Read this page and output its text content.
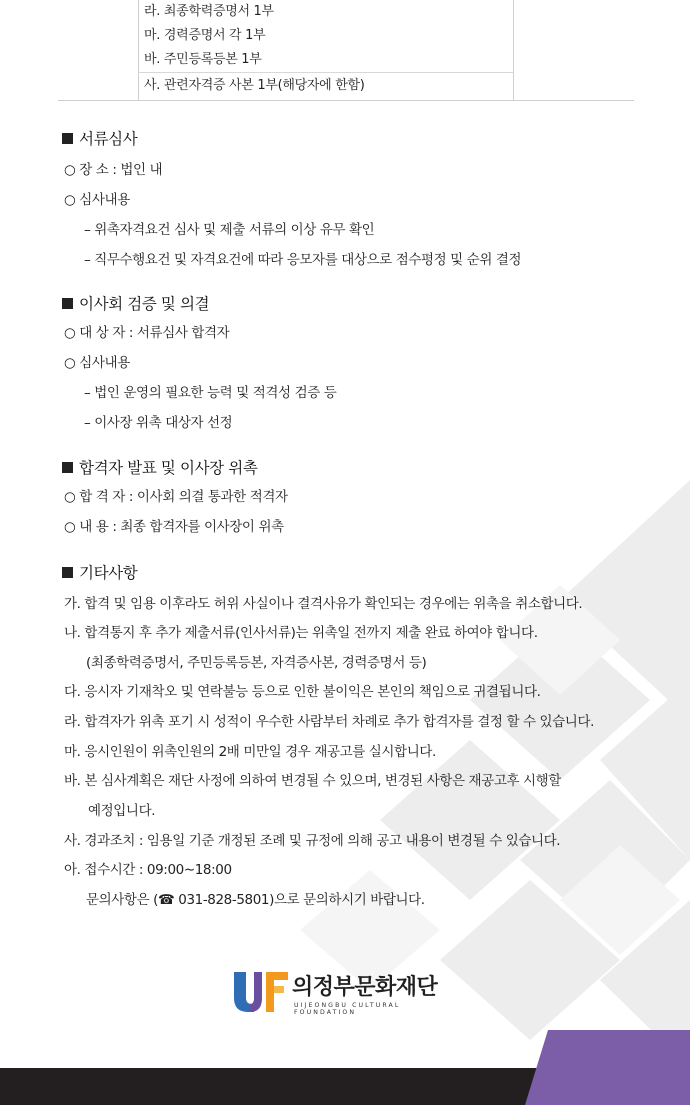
라. 최종학력증명서 1부
마. 경력증명서 각 1부
바. 주민등록등본 1부
사. 관련자격증 사본 1부(해당자에 한함)
서류심사
○ 장 소 : 법인 내
○ 심사내용
– 위촉자격요건 심사 및 제출 서류의 이상 유무 확인
– 직무수행요건 및 자격요건에 따라 응모자를 대상으로 점수평정 및 순위 결정
이사회 검증 및 의결
○ 대 상 자 : 서류심사 합격자
○ 심사내용
– 법인 운영의 필요한 능력 및 적격성 검증 등
– 이사장 위촉 대상자 선정
합격자 발표 및 이사장 위촉
○ 합 격 자 : 이사회 의결 통과한 적격자
○ 내 용 : 최종 합격자를 이사장이 위촉
기타사항
가. 합격 및 임용 이후라도 허위 사실이나 결격사유가 확인되는 경우에는 위촉을 취소합니다.
나. 합격통지 후 추가 제출서류(인사서류)는 위촉일 전까지 제출 완료 하여야 합니다.
(최종학력증명서, 주민등록등본, 자격증사본, 경력증명서 등)
다. 응시자 기재착오 및 연락불능 등으로 인한 불이익은 본인의 책임으로 귀결됩니다.
라. 합격자가 위촉 포기 시 성적이 우수한 사람부터 차례로 추가 합격자를 결정 할 수 있습니다.
마. 응시인원이 위촉인원의 2배 미만일 경우 재공고를 실시합니다.
바. 본 심사계획은 재단 사정에 의하여 변경될 수 있으며, 변경된 사항은 재공고후 시행할
예정입니다.
사. 경과조치 : 임용일 기준 개정된 조례 및 규정에 의해 공고 내용이 변경될 수 있습니다.
아. 접수시간 : 09:00∼18:00
문의사항은 (☎ 031-828-5801)으로 문의하시기 바랍니다.
의정부문화재단
UIJEONGBU CULTURAL FOUNDATION
